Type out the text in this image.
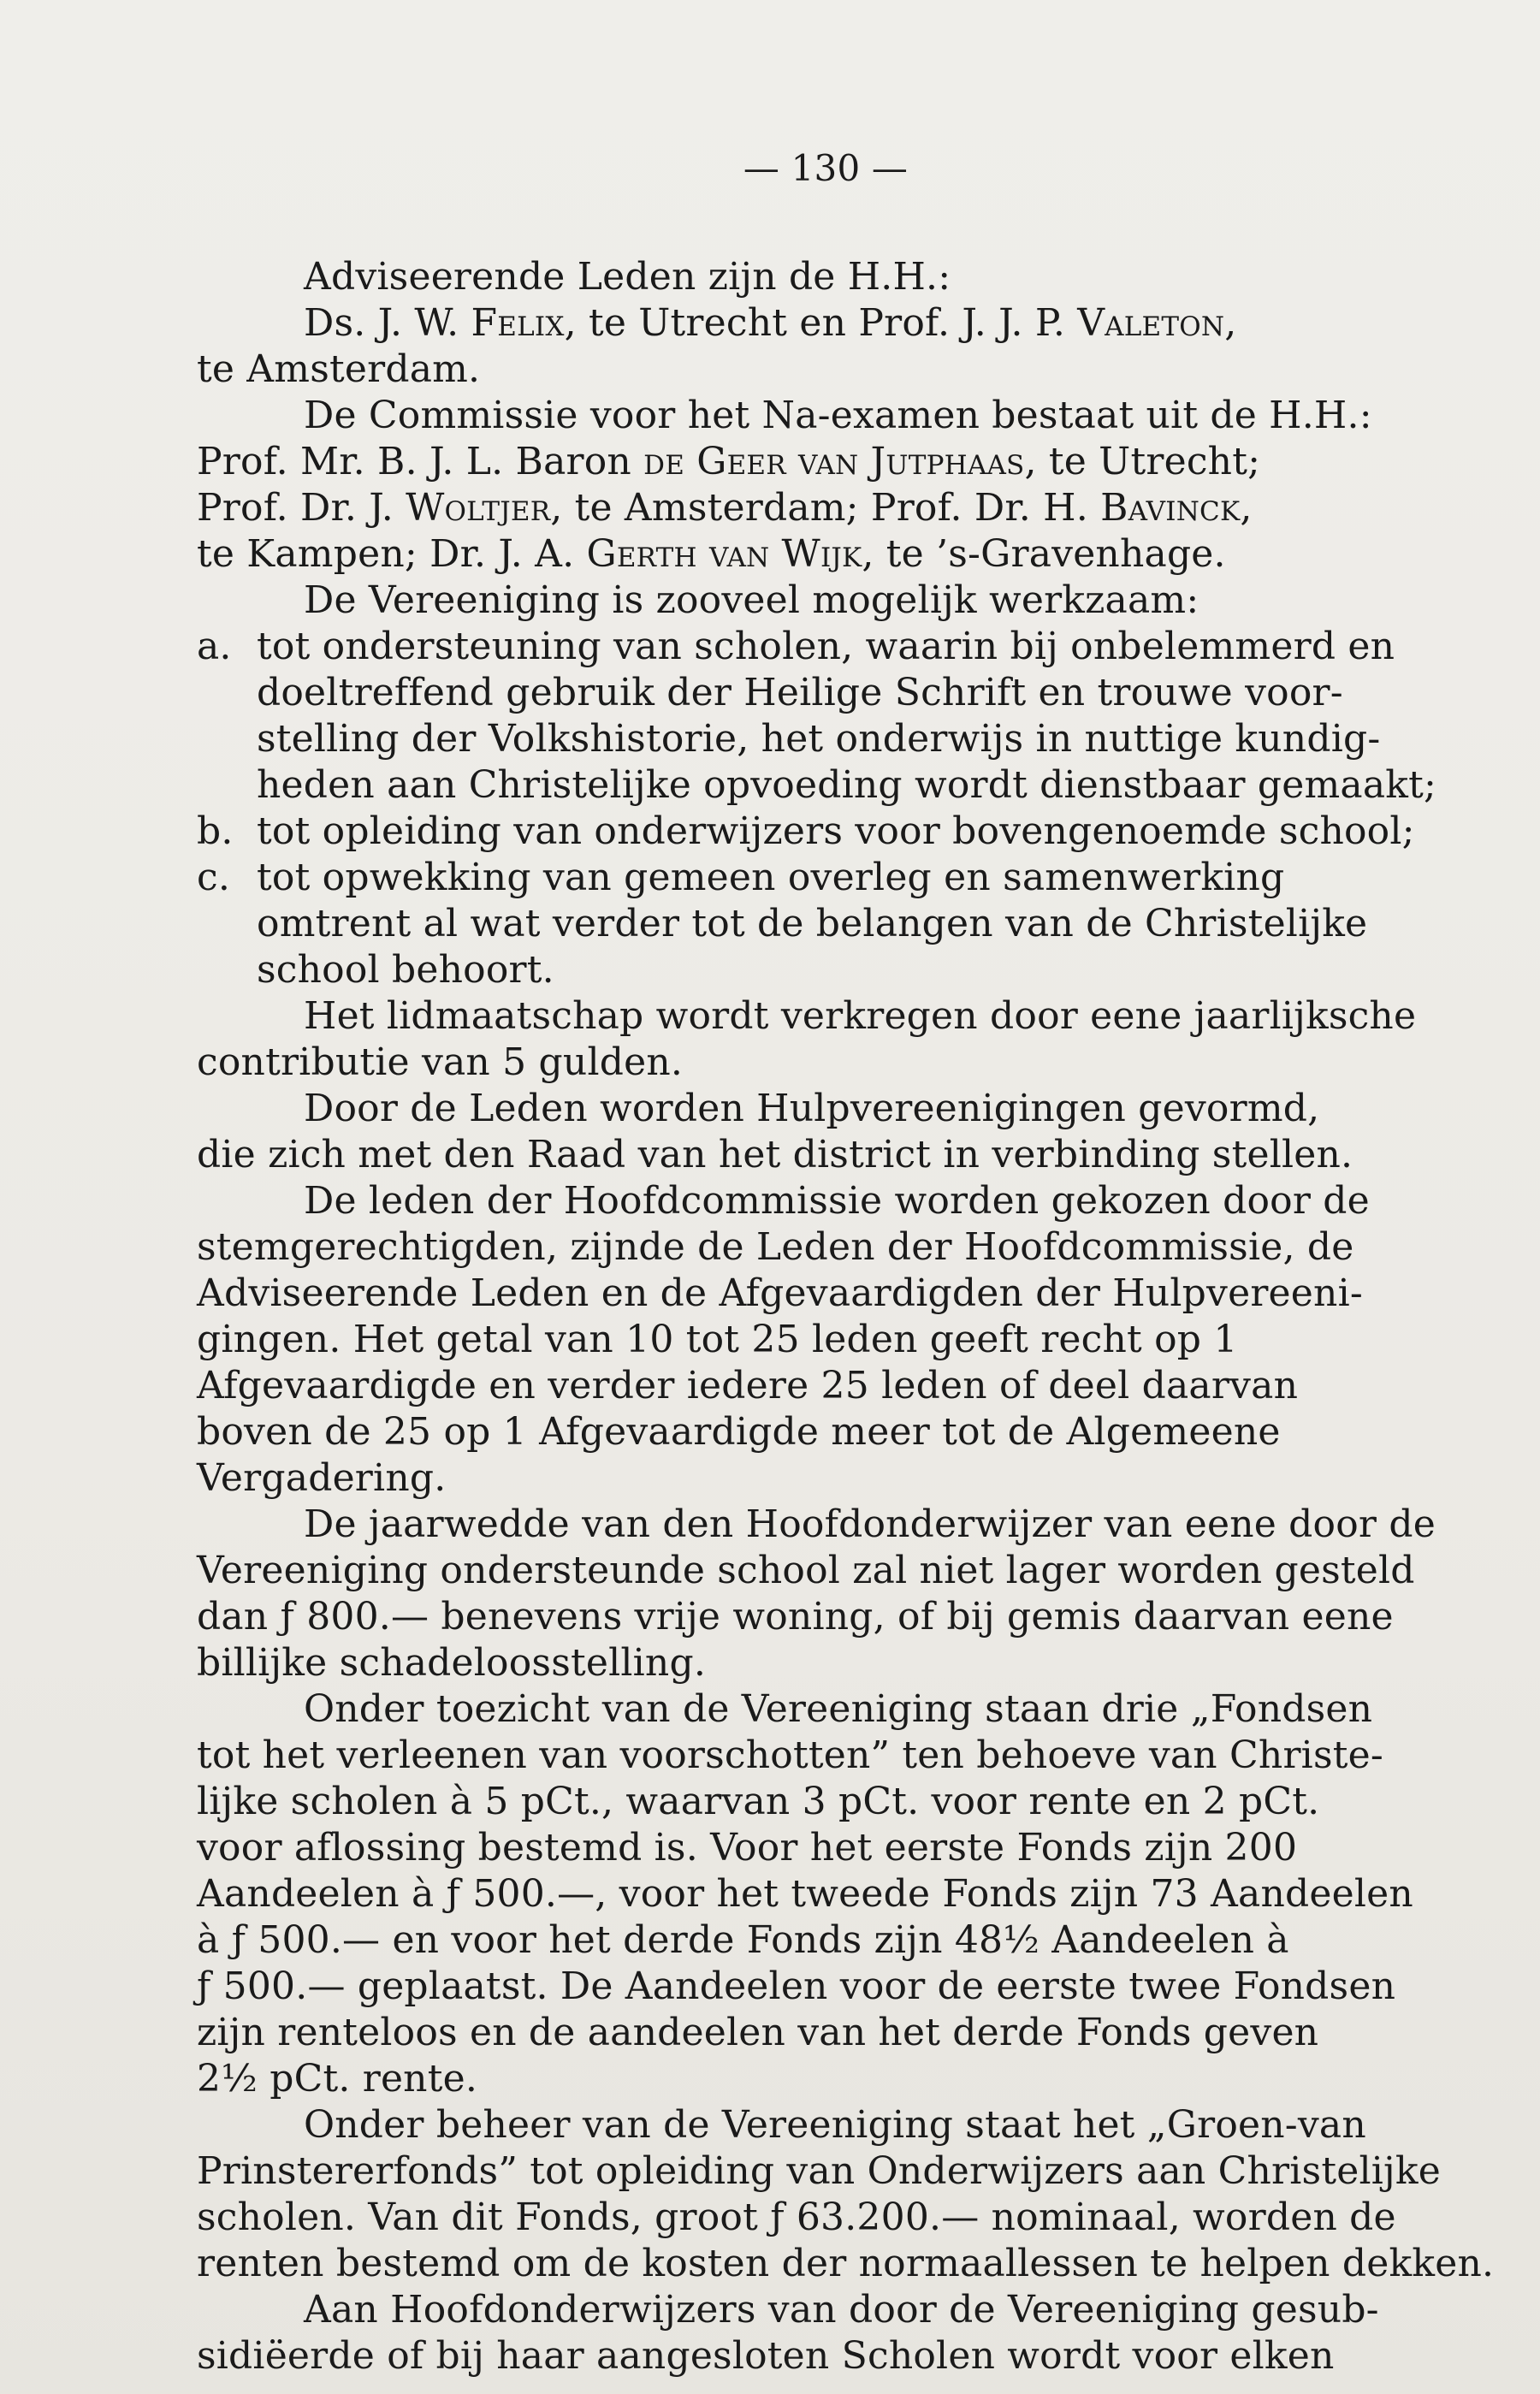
— 130 —
Adviseerende Leden zijn de H.H.:
Ds. J. W. Felix, te Utrecht en Prof. J. J. P. Valeton,
te Amsterdam.
De Commissie voor het Na-examen bestaat uit de H.H.:
Prof. Mr. B. J. L. Baron de Geer van Jutphaas, te Utrecht;
Prof. Dr. J. Woltjer, te Amsterdam; Prof. Dr. H. Bavinck,
te Kampen; Dr. J. A. Gerth van Wijk, te ’s-Gravenhage.
De Vereeniging is zooveel mogelijk werkzaam:
a. tot ondersteuning van scholen, waarin bij onbelemmerd en
doeltreffend gebruik der Heilige Schrift en trouwe voor-
stelling der Volkshistorie, het onderwijs in nuttige kundig-
heden aan Christelijke opvoeding wordt dienstbaar gemaakt;
b. tot opleiding van onderwijzers voor bovengenoemde school;
c. tot opwekking van gemeen overleg en samenwerking
omtrent al wat verder tot de belangen van de Christelijke
school behoort.
Het lidmaatschap wordt verkregen door eene jaarlijksche
contributie van 5 gulden.
Door de Leden worden Hulpvereenigingen gevormd,
die zich met den Raad van het district in verbinding stellen.
De leden der Hoofdcommissie worden gekozen door de
stemgerechtigden, zijnde de Leden der Hoofdcommissie, de
Adviseerende Leden en de Afgevaardigden der Hulpvereeni-
gingen. Het getal van 10 tot 25 leden geeft recht op 1
Afgevaardigde en verder iedere 25 leden of deel daarvan
boven de 25 op 1 Afgevaardigde meer tot de Algemeene
Vergadering.
De jaarwedde van den Hoofdonderwijzer van eene door de
Vereeniging ondersteunde school zal niet lager worden gesteld
dan ƒ 800.— benevens vrije woning, of bij gemis daarvan eene
billijke schadeloosstelling.
Onder toezicht van de Vereeniging staan drie „Fondsen
tot het verleenen van voorschotten” ten behoeve van Christe-
lijke scholen à 5 pCt., waarvan 3 pCt. voor rente en 2 pCt.
voor aflossing bestemd is. Voor het eerste Fonds zijn 200
Aandeelen à ƒ 500.—, voor het tweede Fonds zijn 73 Aandeelen
à ƒ 500.— en voor het derde Fonds zijn 48½ Aandeelen à
ƒ 500.— geplaatst. De Aandeelen voor de eerste twee Fondsen
zijn renteloos en de aandeelen van het derde Fonds geven
2½ pCt. rente.
Onder beheer van de Vereeniging staat het „Groen-van
Prinstererfonds” tot opleiding van Onderwijzers aan Christelijke
scholen. Van dit Fonds, groot ƒ 63.200.— nominaal, worden de
renten bestemd om de kosten der normaallessen te helpen dekken.
Aan Hoofdonderwijzers van door de Vereeniging gesub-
sidiëerde of bij haar aangesloten Scholen wordt voor elken
